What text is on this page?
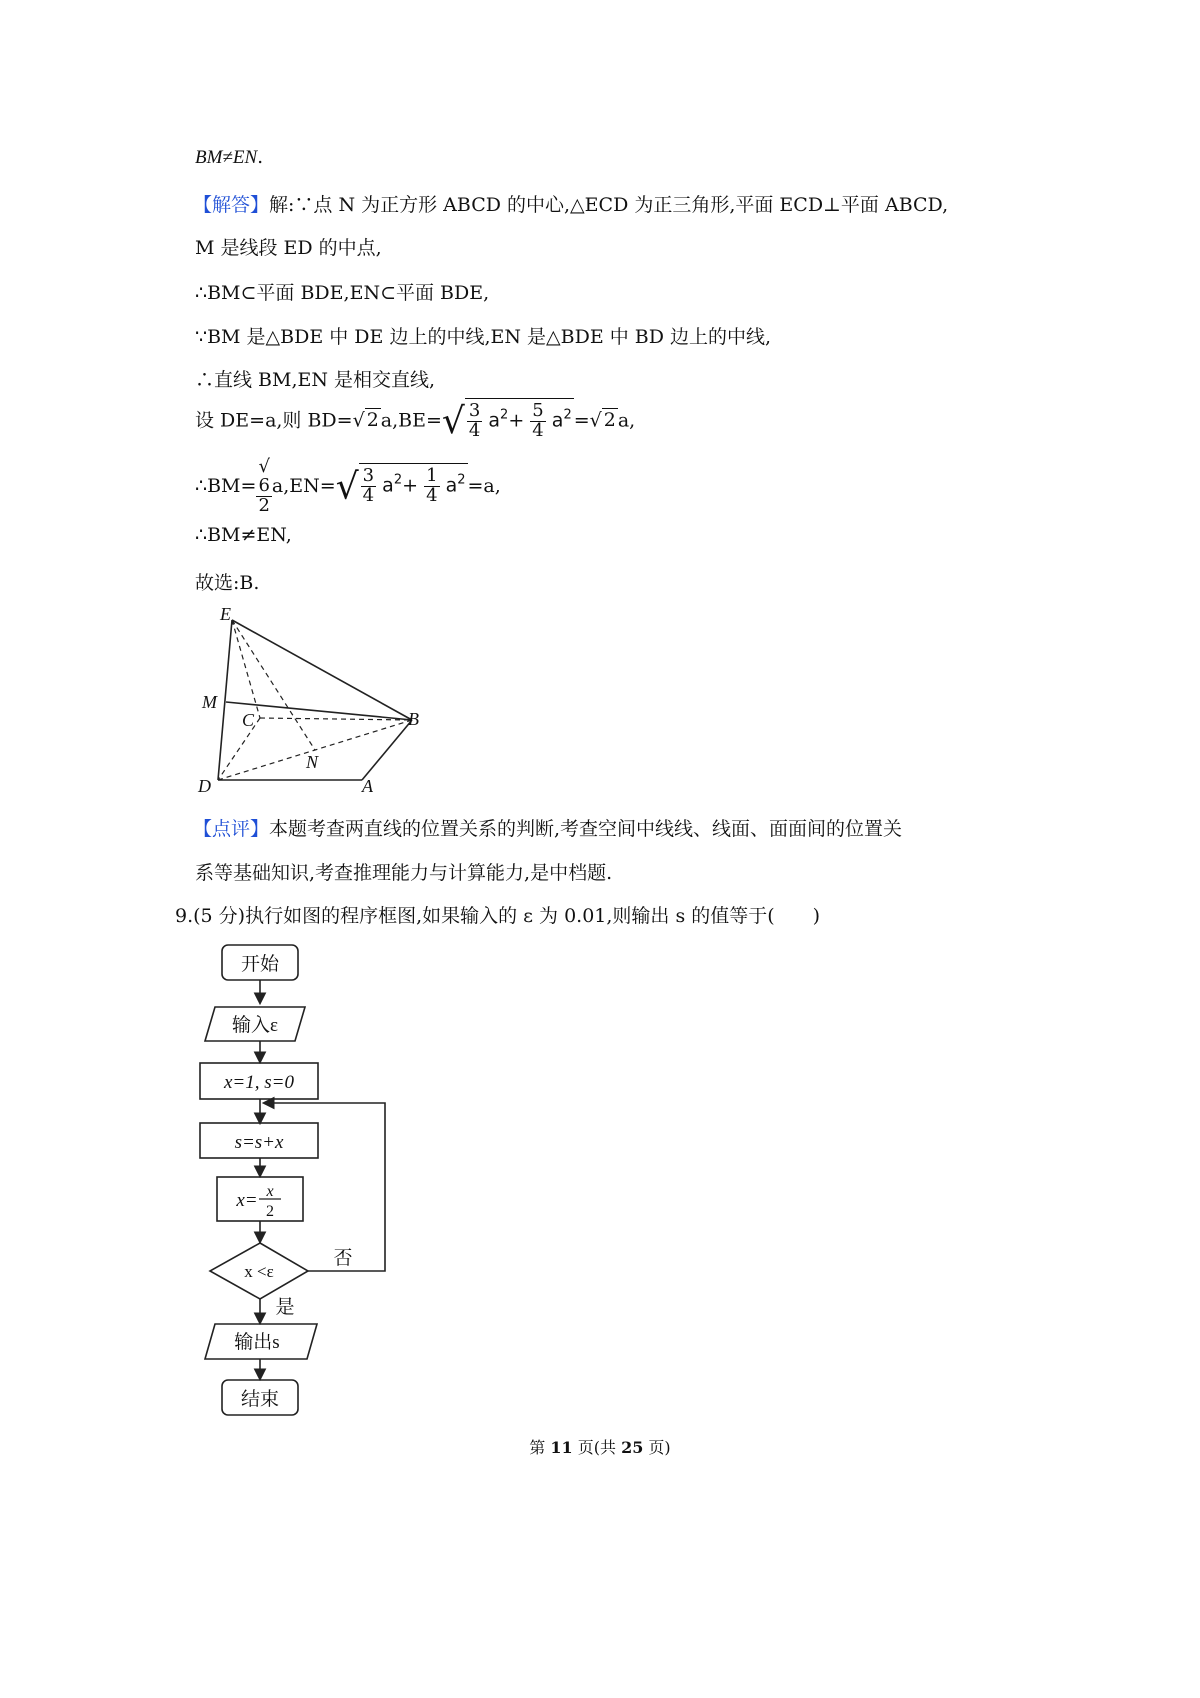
BM≠EN.
【解答】解:∵点 N 为正方形 ABCD 的中心,△ECD 为正三角形,平面 ECD⊥平面 ABCD,
M 是线段 ED 的中点,
∴BM⊂平面 BDE,EN⊂平面 BDE,
∵BM 是△BDE 中 DE 边上的中线,EN 是△BDE 中 BD 边上的中线,
∴直线 BM,EN 是相交直线,
设 DE=a,则 BD=√ 2 $a,BE=√ \frac{3}{4} a^2+ \frac{5}{4} a^2$ =√ 2 a,
∴BM= √
6
2 $a,EN=√ \frac{3}{4} a^2+ \frac{1}{4} a^2 =a$,
∴BM≠EN,
故选:B.
E
M
C	B
N
D	A
【点评】本题考查两直线的位置关系的判断,考查空间中线线、线面、面面间的位置关
系等基础知识,考查推理能力与计算能力,是中档题.
9.(5 分)执行如图的程序框图,如果输入的 ε 为 0.01,则输出 s 的值等于(　　)
开始
输入ε
x=1, s=0
s=s+x
x= x
2
x <ε
否
是
输出s
结束
第 11 页(共 25 页)
